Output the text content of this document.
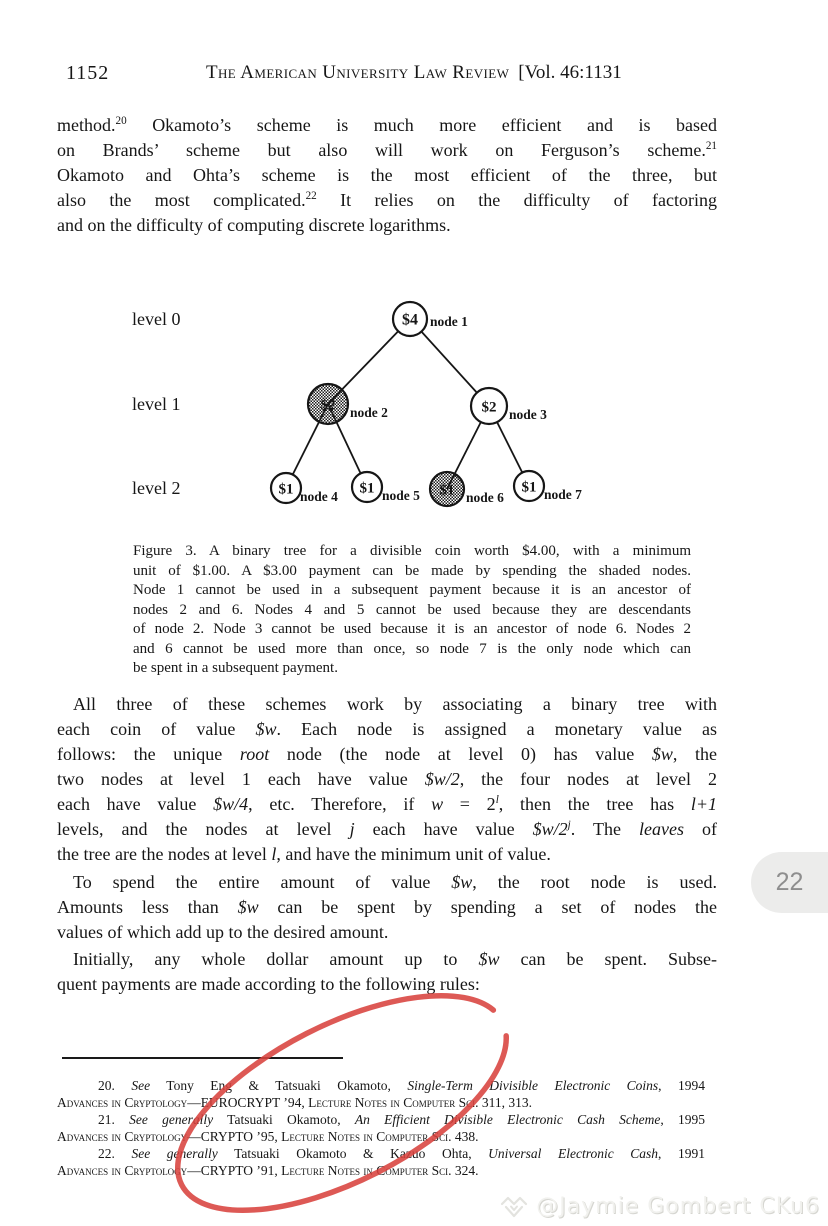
1152	The American University Law Review [Vol. 46:1131
method.$^{20}$ Okamoto’s scheme is much more efficient and is based
on Brands’ scheme but also will work on Ferguson’s scheme.$^{21}$
Okamoto and Ohta’s scheme is the most efficient of the three, but
also the most complicated.$^{22}$ It relies on the difficulty of factoring
and on the difficulty of computing discrete logarithms.
All three of these schemes work by associating a binary tree with
each coin of value $w. Each node is assigned a monetary value as
follows: the unique root node (the node at level 0) has value $w, the
two nodes at level 1 each have value $w/2, the four nodes at level 2
each have value $w/4, etc. Therefore, if $w = 2^l$, then the tree has l+1
levels, and the nodes at level j each have value $w/2$^j$. The leaves of
the tree are the nodes at level l, and have the minimum unit of value.
To spend the entire amount of value $w, the root node is used.
Amounts less than $w can be spent by spending a set of nodes the
values of which add up to the desired amount.
Initially, any whole dollar amount up to $w can be spent. Subse-
quent payments are made according to the following rules:
level 0
level 1
level 2
$4 node 1
$2 node 2	$2 node 3
$1 node 4 $1 node 5 $1 node 6
$1 node 7
Figure 3. A binary tree for a divisible coin worth $4.00, with a minimum
unit of $1.00. A $3.00 payment can be made by spending the shaded nodes.
Node 1 cannot be used in a subsequent payment because it is an ancestor of
nodes 2 and 6. Nodes 4 and 5 cannot be used because they are descendants
of node 2. Node 3 cannot be used because it is an ancestor of node 6. Nodes 2
and 6 cannot be used more than once, so node 7 is the only node which can
be spent in a subsequent payment.
20. See Tony Eng & Tatsuaki Okamoto, Single-Term Divisible Electronic Coins, 1994
Advances in Cryptology—EUROCRYPT ’94, Lecture Notes in Computer Sci. 311, 313.
21. See generally Tatsuaki Okamoto, An Efficient Divisible Electronic Cash Scheme, 1995
Advances in Cryptology—CRYPTO ’95, Lecture Notes in Computer Sci. 438.
22. See generally Tatsuaki Okamoto & Kazuo Ohta, Universal Electronic Cash, 1991
Advances in Cryptology—CRYPTO ’91, Lecture Notes in Computer Sci. 324.
22
@Jaymie Gombert CKu6
